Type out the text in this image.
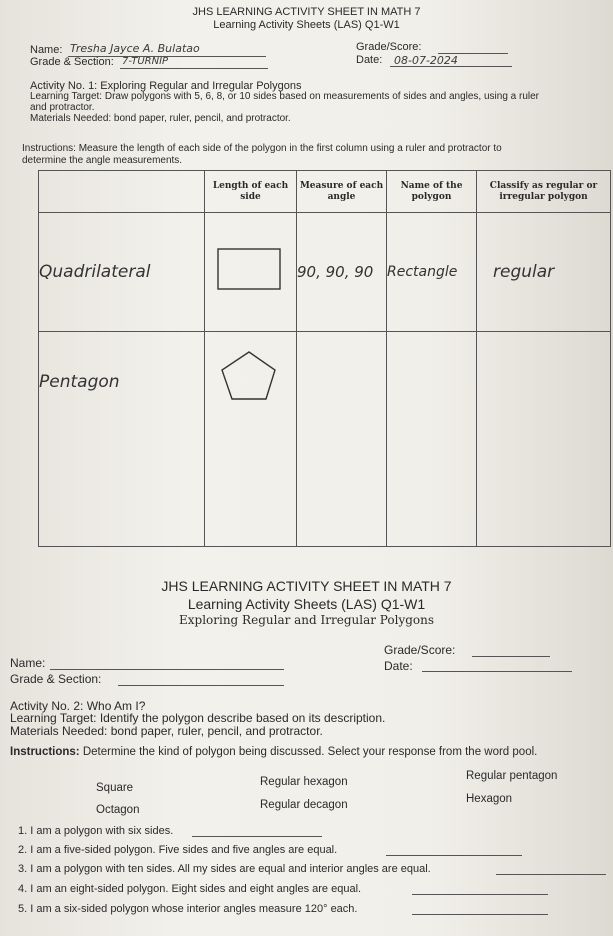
JHS LEARNING ACTIVITY SHEET IN MATH 7
Learning Activity Sheets (LAS) Q1-W1
Name: Tresha Jayce A. Bulatao
Grade & Section: 7-TURNIP
Grade/Score:
Date: 08-07-2024
Activity No. 1: Exploring Regular and Irregular Polygons
Learning Target: Draw polygons with 5, 6, 8, or 10 sides based on measurements of sides and angles, using a ruler
and protractor.
Materials Needed: bond paper, ruler, pencil, and protractor.
Instructions: Measure the length of each side of the polygon in the first column using a ruler and protractor to
determine the angle measurements.
	Length of each side	Measure of each angle	Name of the polygon	Classify as regular or irregular polygon
Quadrilateral		90, 90, 90	Rectangle	regular
Pentagon				
JHS LEARNING ACTIVITY SHEET IN MATH 7
Learning Activity Sheets (LAS) Q1-W1
Exploring Regular and Irregular Polygons
Grade/Score:
Name:	Date:
Grade & Section:
Activity No. 2: Who Am I?
Learning Target: Identify the polygon describe based on its description.
Materials Needed: bond paper, ruler, pencil, and protractor.
Instructions: Determine the kind of polygon being discussed. Select your response from the word pool.
Square	Regular hexagon	Regular pentagon
Octagon	Regular decagon	Hexagon
1. I am a polygon with six sides.
2. I am a five-sided polygon. Five sides and five angles are equal.
3. I am a polygon with ten sides. All my sides are equal and interior angles are equal.
4. I am an eight-sided polygon. Eight sides and eight angles are equal.
5. I am a six-sided polygon whose interior angles measure 120° each.
